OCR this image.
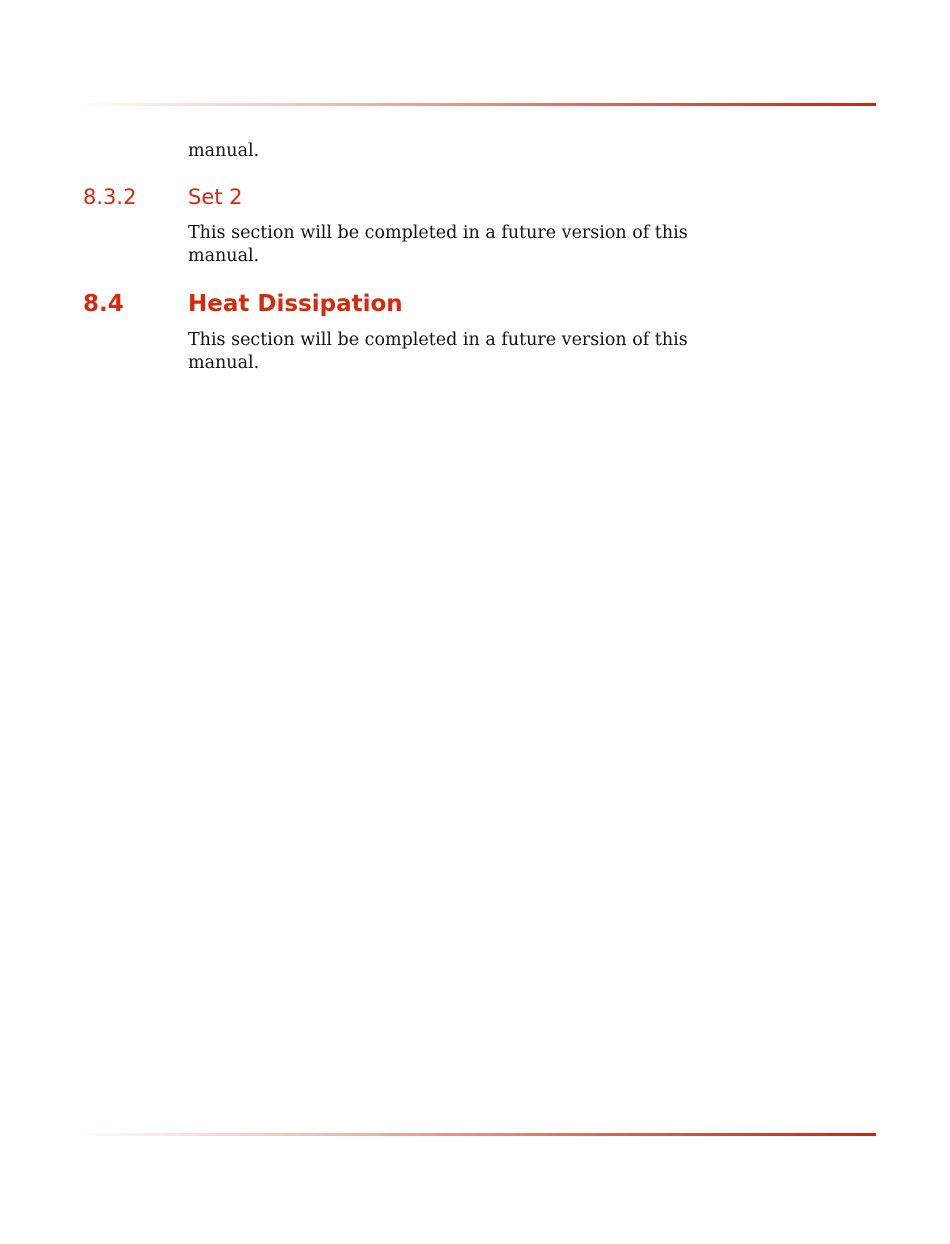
manual.

8.3.2 Set 2

This section will be completed in a future version of this
manual.

8.4	Heat Dissipation

This section will be completed in a future version of this
manual.
